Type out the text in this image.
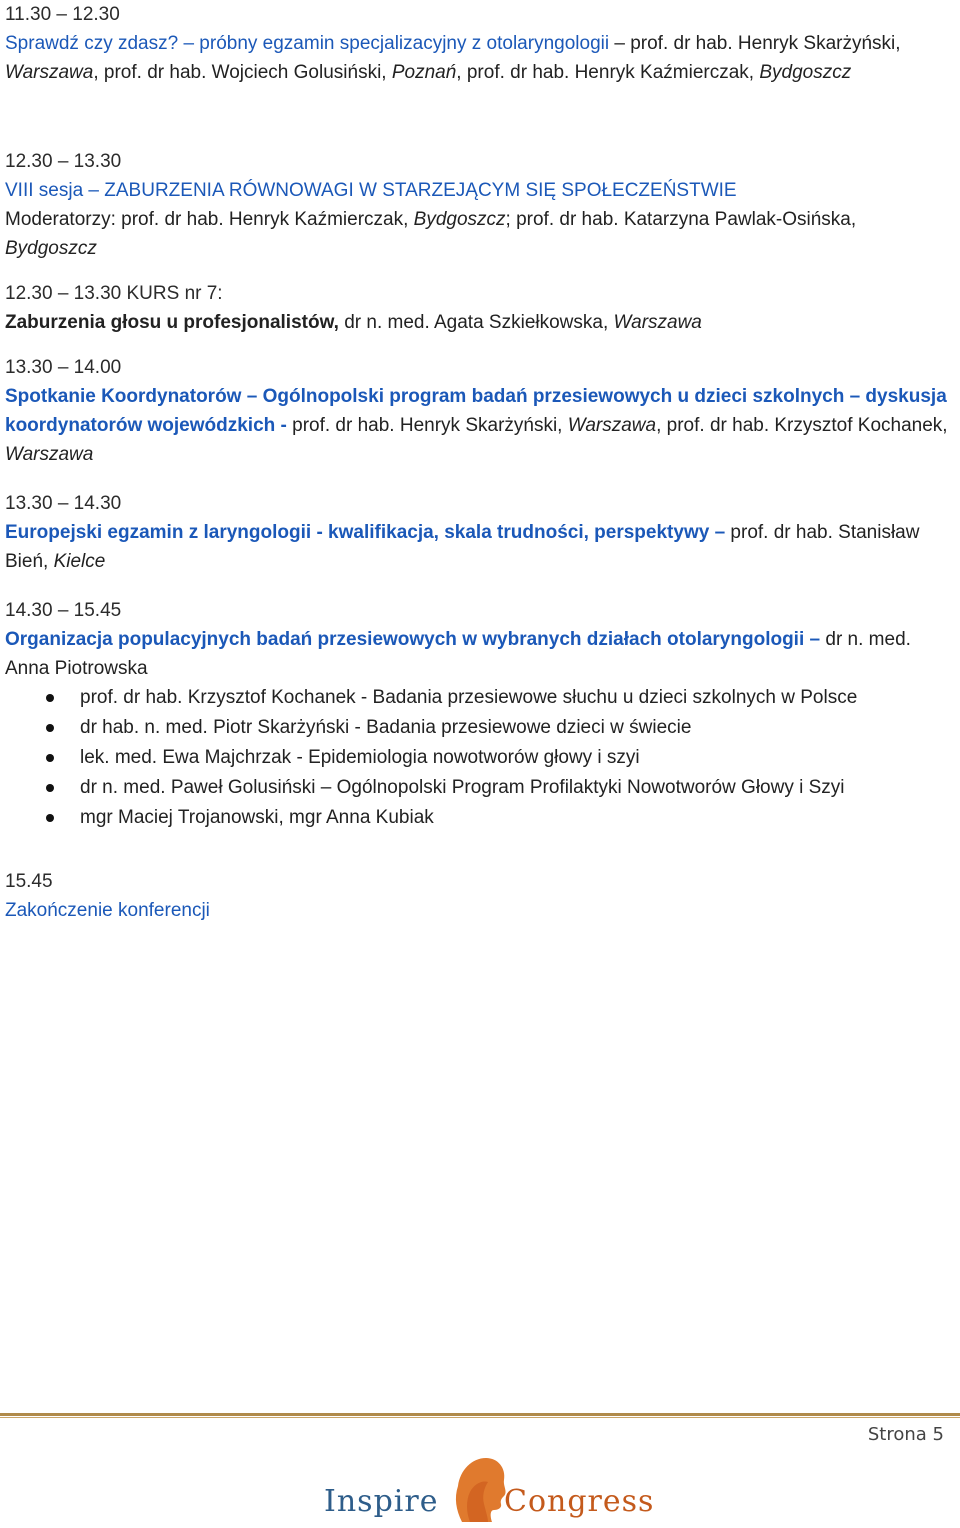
11.30 – 12.30
Sprawdź czy zdasz? – próbny egzamin specjalizacyjny z otolaryngologii – prof. dr hab. Henryk Skarżyński, Warszawa, prof. dr hab. Wojciech Golusiński, Poznań, prof. dr hab. Henryk Kaźmierczak, Bydgoszcz
12.30 – 13.30
VIII sesja – ZABURZENIA RÓWNOWAGI W STARZEJĄCYM SIĘ SPOŁECZEŃSTWIE
Moderatorzy: prof. dr hab. Henryk Kaźmierczak, Bydgoszcz; prof. dr hab. Katarzyna Pawlak-Osińska, Bydgoszcz
12.30 – 13.30 KURS nr 7:
Zaburzenia głosu u profesjonalistów, dr n. med. Agata Szkiełkowska, Warszawa
13.30 – 14.00
Spotkanie Koordynatorów – Ogólnopolski program badań przesiewowych u dzieci szkolnych – dyskusja koordynatorów wojewódzkich - prof. dr hab. Henryk Skarżyński, Warszawa, prof. dr hab. Krzysztof Kochanek, Warszawa
13.30 – 14.30
Europejski egzamin z laryngologii - kwalifikacja, skala trudności, perspektywy – prof. dr hab. Stanisław Bień, Kielce
14.30 – 15.45
Organizacja populacyjnych badań przesiewowych w wybranych działach otolaryngologii – dr n. med. Anna Piotrowska
prof. dr hab. Krzysztof Kochanek - Badania przesiewowe słuchu u dzieci szkolnych w Polsce
dr hab. n. med. Piotr Skarżyński - Badania przesiewowe dzieci w świecie
lek. med. Ewa Majchrzak - Epidemiologia nowotworów głowy i szyi
dr n. med. Paweł Golusiński – Ogólnopolski Program Profilaktyki Nowotworów Głowy i Szyi
mgr Maciej Trojanowski, mgr Anna Kubiak
15.45
Zakończenie konferencji
Strona 5
Inspire Congress
